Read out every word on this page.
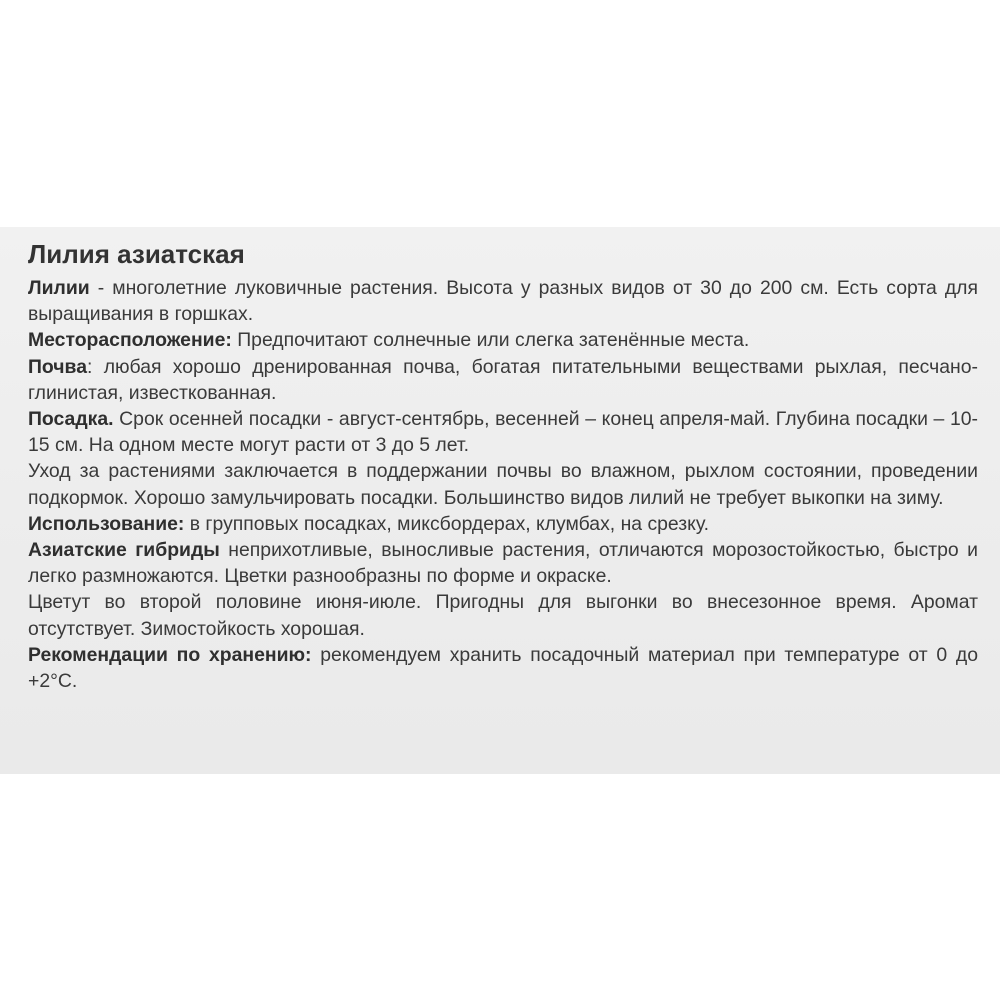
Лилия азиатская

Лилии - многолетние луковичные растения. Высота у разных видов от 30 до 200 см. Есть сорта для выращивания в горшках.

Месторасположение: Предпочитают солнечные или слегка затенённые места.

Почва: любая хорошо дренированная почва, богатая питательными веществами рыхлая, песчано-глинистая, известкованная.

Посадка. Срок осенней посадки - август-сентябрь, весенней – конец апреля-май. Глубина посадки – 10-15 см. На одном месте могут расти от 3 до 5 лет.

Уход за растениями заключается в поддержании почвы во влажном, рыхлом состоянии, проведении подкормок. Хорошо замульчировать посадки. Большинство видов лилий не требует выкопки на зиму.

Использование: в групповых посадках, миксбордерах, клумбах, на срезку.

Азиатские гибриды неприхотливые, выносливые растения, отличаются морозостойкостью, быстро и легко размножаются. Цветки разнообразны по форме и окраске.

Цветут во второй половине июня-июле. Пригодны для выгонки во внесезонное время. Аромат отсутствует. Зимостойкость хорошая.

Рекомендации по хранению: рекомендуем хранить посадочный материал при температуре от 0 до +2°С.
